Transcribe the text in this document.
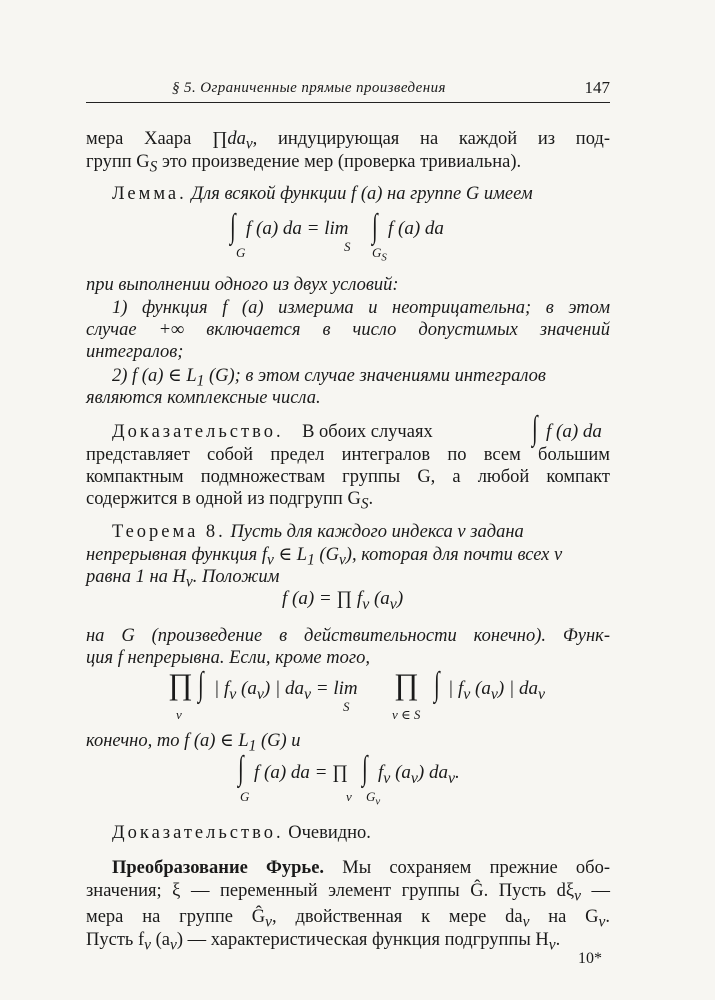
§ 5. Ограниченные прямые произведения	147
мера Хаара $\prod da_v$, индуцирующая на каждой из под-
групп $G_S$ это произведение мер (проверка тривиальна).
Лемма. Для всякой функции f (a) на группе G имеем
∫ f (a) da = lim ∫ f (a) da
G	S $G_S$
при выполнении одного из двух условий:
1) функция f (a) измерима и неотрицательна; в этом
случае +∞ включается в число допустимых значений
интегралов;
2) f (a) ∈ $L_1$ (G); в этом случае значениями интегралов
являются комплексные числа.
Доказательство. В обоих случаях	∫ f (a) da
представляет собой предел интегралов по всем большим
компактным подмножествам группы G, а любой компакт
содержится в одной из подгрупп $G_S$.
Теорема 8. Пусть для каждого индекса v задана
непрерывная функция $f_v$ ∈ $L_1$ $(G_v)$, которая для почти всех v
равна 1 на $H_v$. Положим
f (a) = ∏ $f_v$ $(a_v)$
на G (произведение в действительности конечно). Функ-
ция f непрерывна. Если, кроме того,
∏ ∫ | $f_v$ $(a_v)$ | $da_v = \lim$ ∏ ∫ | $f_v$ $(a_v)$ | $da_v$
v
S
v ∈ S
конечно, то f (a) ∈ $L_1$ (G) и
∫ f (a) da = ∏ ∫ $f_v$ $(a_v)$ $da_v$.
G	v $G_v$
Доказательство. Очевидно.
Преобразование Фурье. Мы сохраняем прежние обо-
значения; ξ — переменный элемент группы Ĝ. Пусть $d\xi_v$ —
мера на группе $Ĝ_v$, двойственная к мере $da_v$ на $G_v$.
Пусть $f_v$ $(a_v)$ — характеристическая функция подгруппы $H_v$.
10*
